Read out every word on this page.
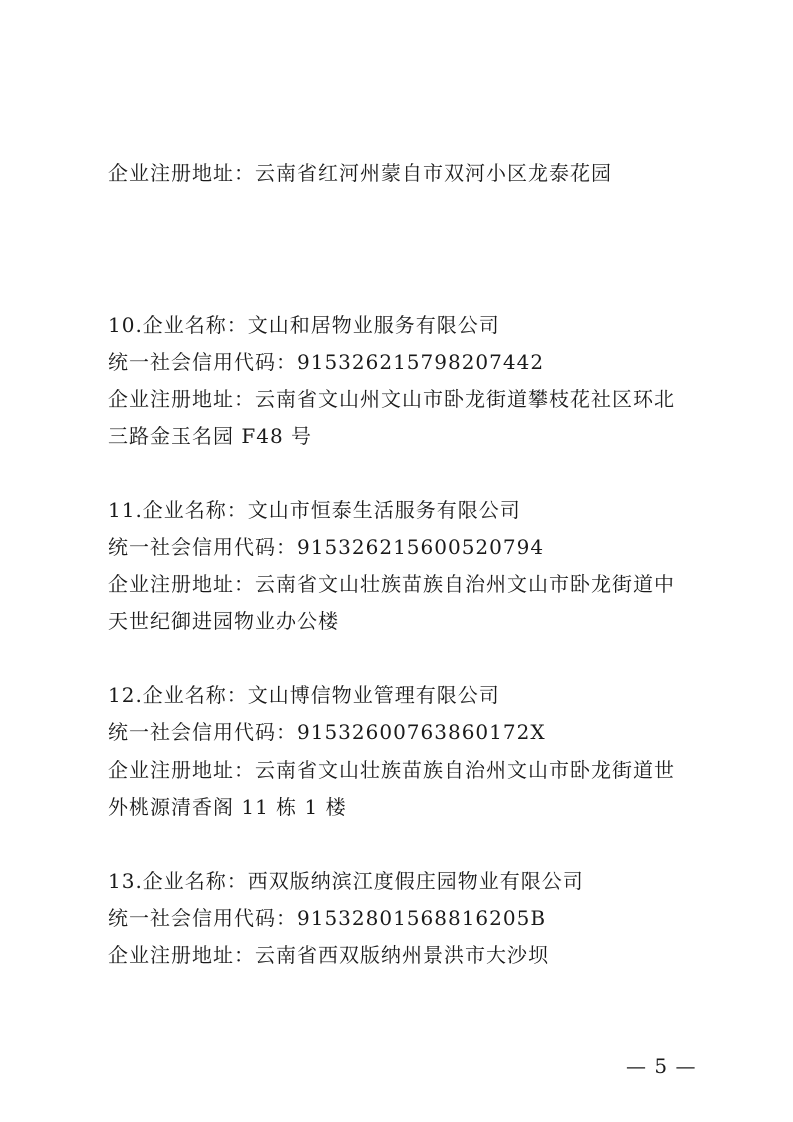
企业注册地址：云南省红河州蒙自市双河小区龙泰花园
10.企业名称：文山和居物业服务有限公司
统一社会信用代码：915326215798207442
企业注册地址：云南省文山州文山市卧龙街道攀枝花社区环北
三路金玉名园 F48 号
11.企业名称：文山市恒泰生活服务有限公司
统一社会信用代码：915326215600520794
企业注册地址：云南省文山壮族苗族自治州文山市卧龙街道中
天世纪御进园物业办公楼
12.企业名称：文山博信物业管理有限公司
统一社会信用代码：91532600763860172X
企业注册地址：云南省文山壮族苗族自治州文山市卧龙街道世
外桃源清香阁 11 栋 1 楼
13.企业名称：西双版纳滨江度假庄园物业有限公司
统一社会信用代码：91532801568816205B
企业注册地址：云南省西双版纳州景洪市大沙坝
— 5 —
